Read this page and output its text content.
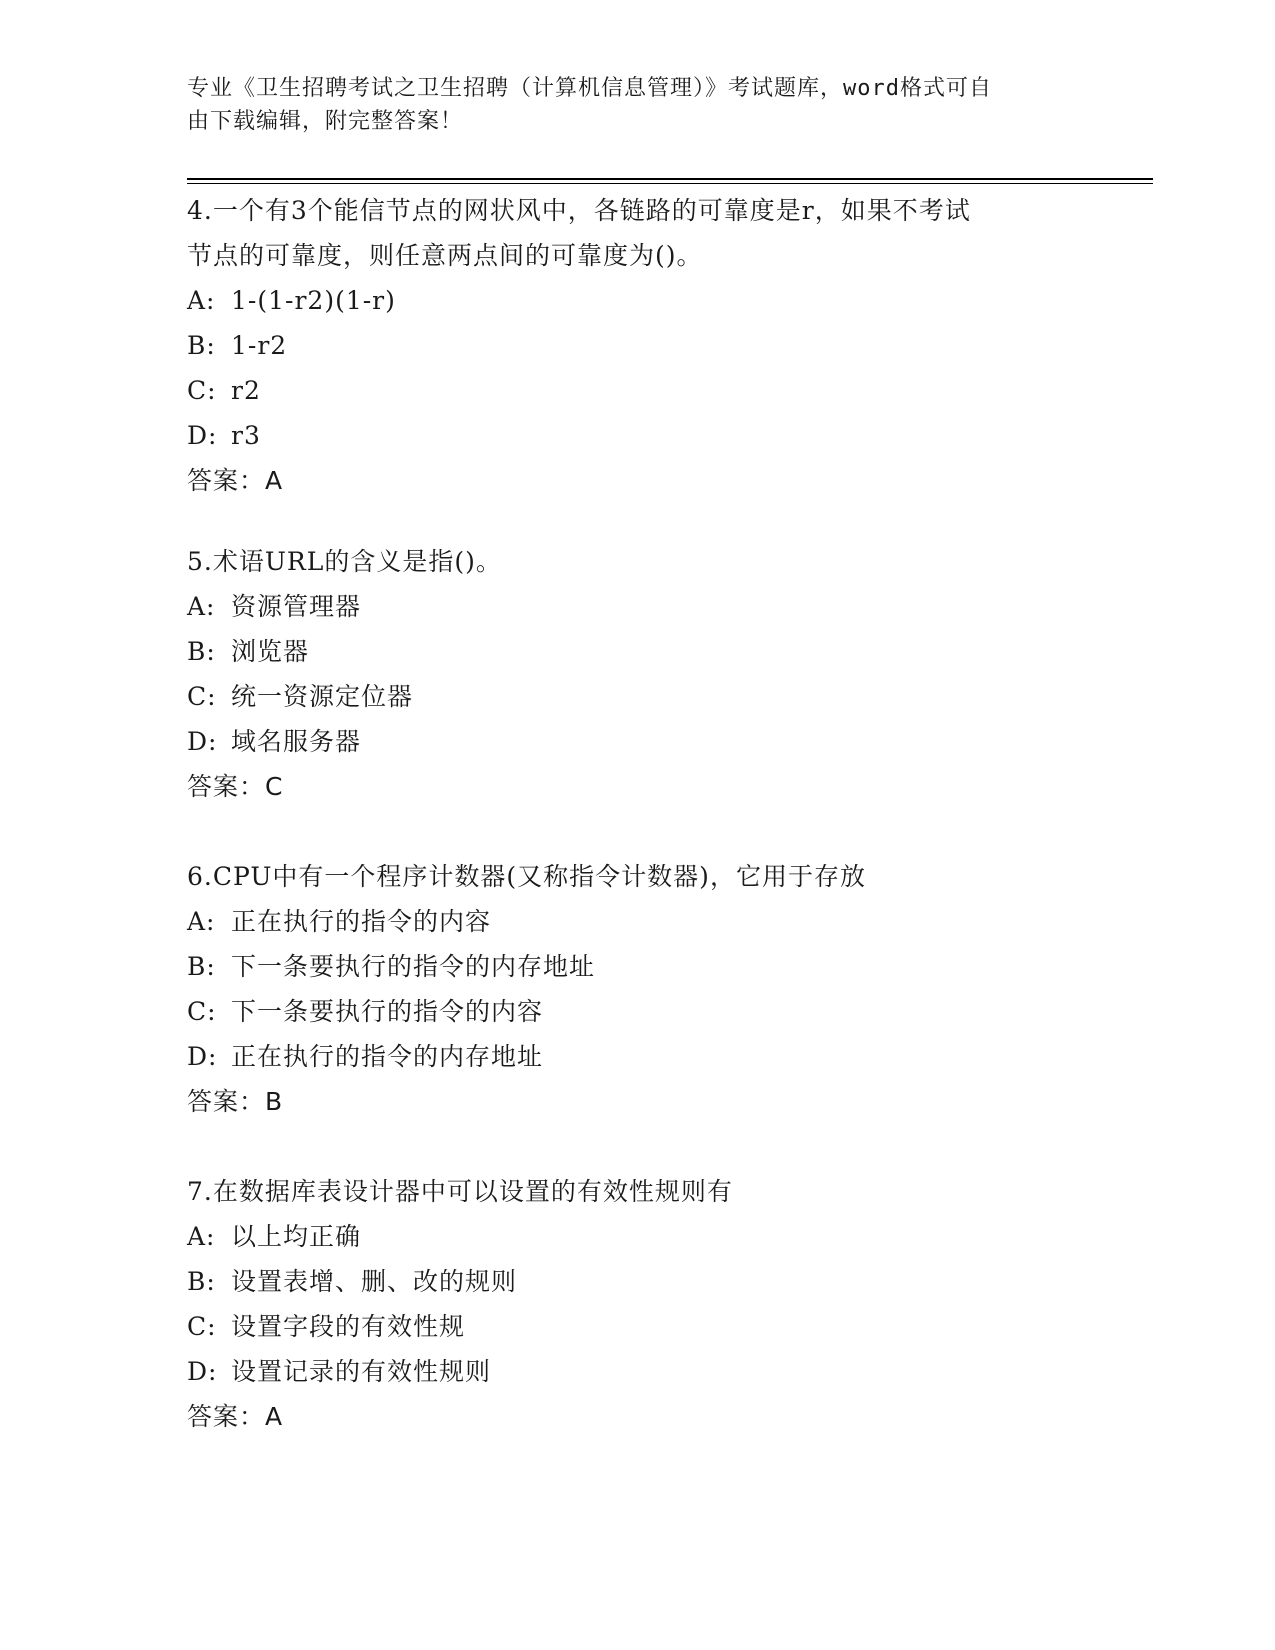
专业《卫生招聘考试之卫生招聘（计算机信息管理）》考试题库，word格式可自
由下载编辑，附完整答案！
4.一个有3个能信节点的网状风中，各链路的可靠度是r，如果不考试
节点的可靠度，则任意两点间的可靠度为()。
A: 1-(1-r2)(1-r)
B: 1-r2
C: r2
D: r3
答案：A
5.术语URL的含义是指()。
A: 资源管理器
B: 浏览器
C: 统一资源定位器
D: 域名服务器
答案：C
6.CPU中有一个程序计数器(又称指令计数器)，它用于存放
A: 正在执行的指令的内容
B: 下一条要执行的指令的内存地址
C: 下一条要执行的指令的内容
D: 正在执行的指令的内存地址
答案：B
7.在数据库表设计器中可以设置的有效性规则有
A: 以上均正确
B: 设置表增、删、改的规则
C: 设置字段的有效性规
D: 设置记录的有效性规则
答案：A
